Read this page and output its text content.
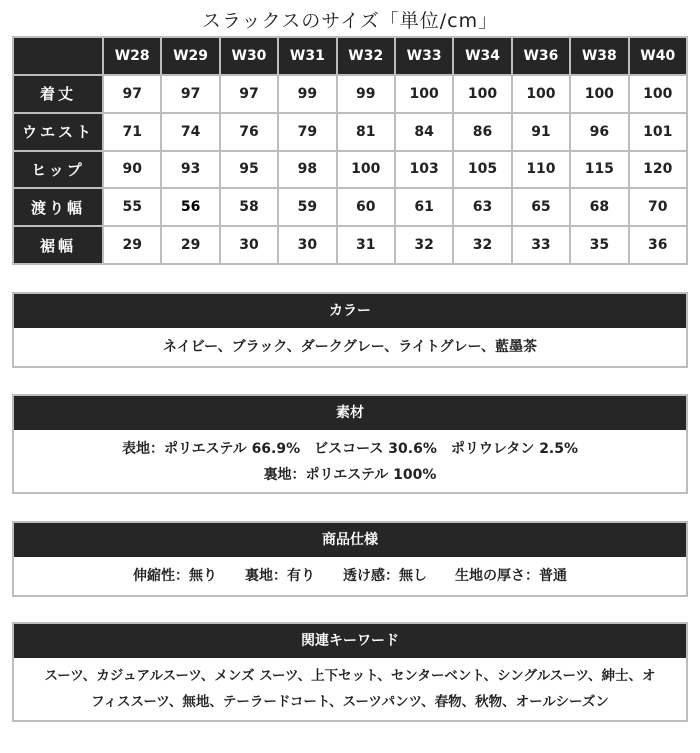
スラックスのサイズ「単位/cm」
	W28	W29	W30	W31	W32	W33	W34	W36	W38	W40
着丈	97	97	97	99	99	100	100	100	100	100
ウエスト	71	74	76	79	81	84	86	91	96	101
ヒップ	90	93	95	98	100	103	105	110	115	120
渡り幅	55	56	58	59	60	61	63	65	68	70
裾幅	29	29	30	30	31	32	32	33	35	36
カラー
ネイビー、ブラック、ダークグレー、ライトグレー、藍墨茶
素材
表地：ポリエステル 66.9%　ビスコース 30.6%　ポリウレタン 2.5%
裏地：ポリエステル 100%
商品仕様
伸縮性：無り　　裏地：有り　　透け感：無し　　生地の厚さ：普通
関連キーワード
スーツ、カジュアルスーツ、メンズ スーツ、上下セット、センターベント、シングルスーツ、紳士、オ
フィススーツ、無地、テーラードコート、スーツパンツ、春物、秋物、オールシーズン
